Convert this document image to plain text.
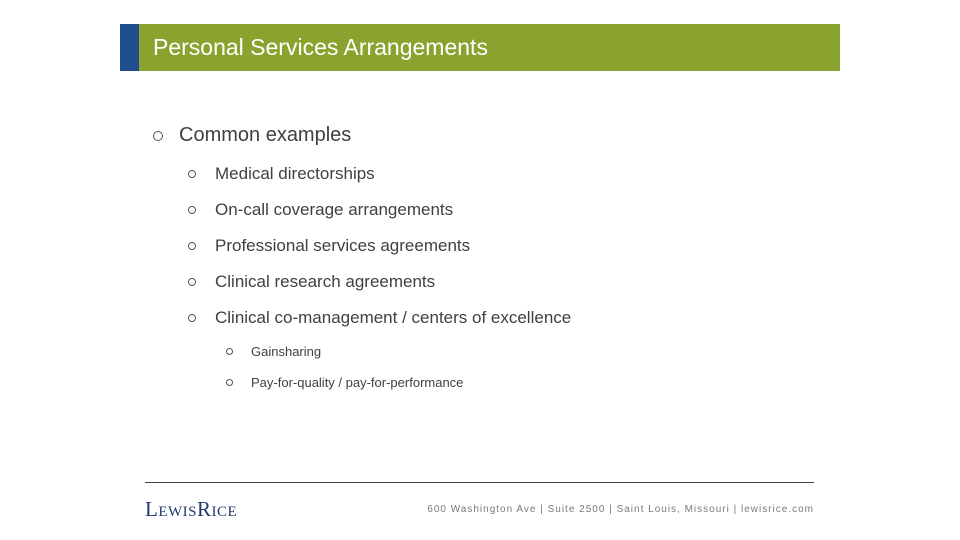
Personal Services Arrangements
Common examples
Medical directorships
On-call coverage arrangements
Professional services agreements
Clinical research agreements
Clinical co-management / centers of excellence
Gainsharing
Pay-for-quality / pay-for-performance
LEWISRICE	600 Washington Ave | Suite 2500 | Saint Louis, Missouri | lewisrice.com
